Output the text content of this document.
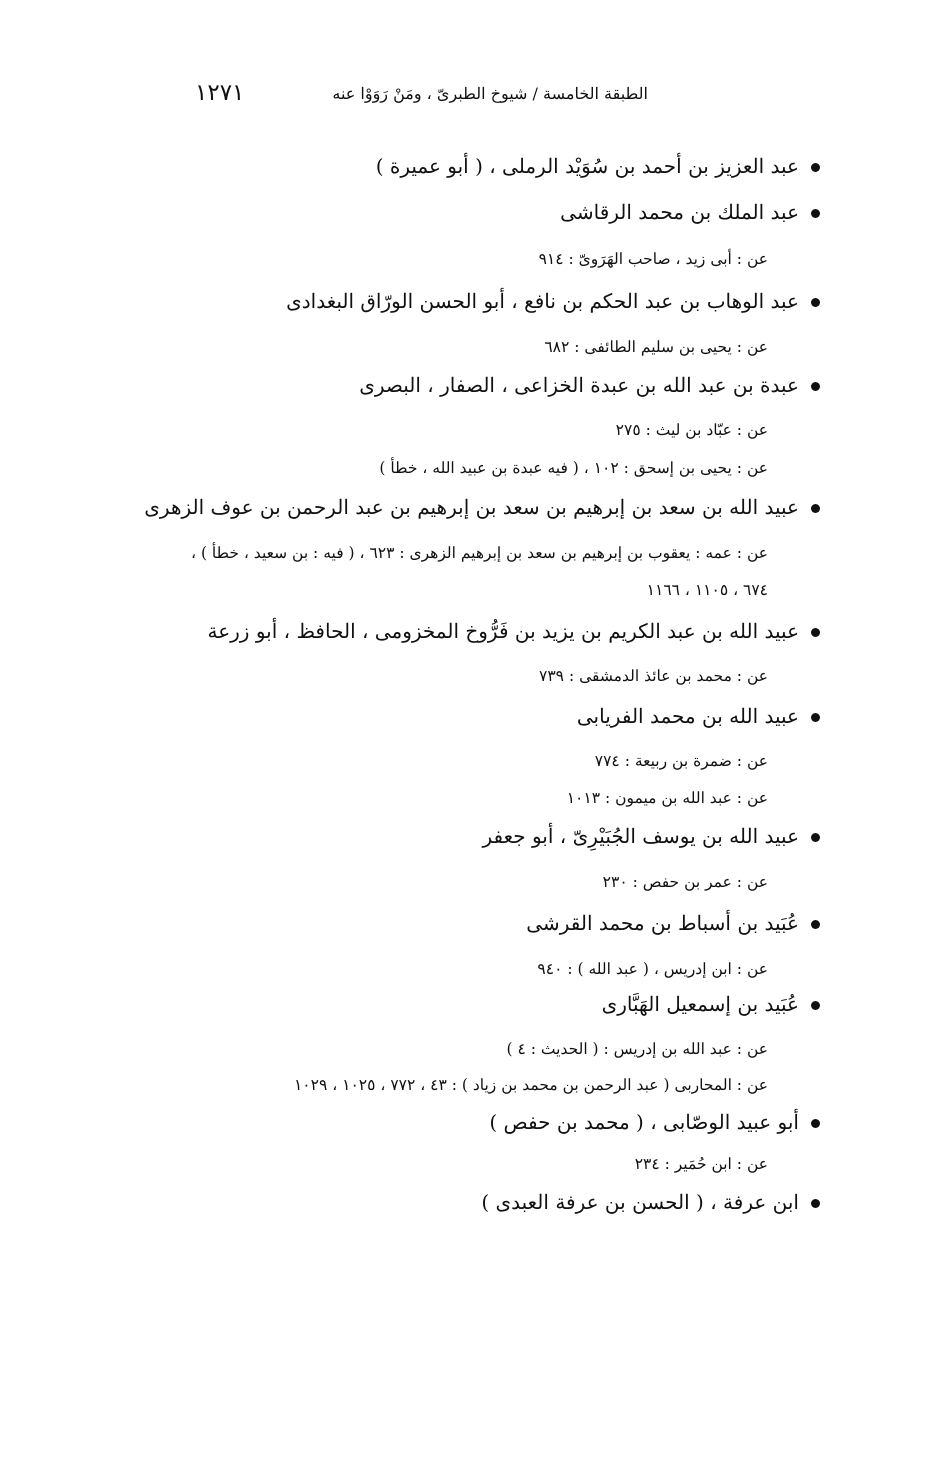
الطبقة الخامسة / شيوخ الطبرىّ ، ومَنْ رَوَوْا عنه
١٢٧١
عبد العزيز بن أحمد بن سُوَيْد الرملى ، ( أبو عميرة )
عبد الملك بن محمد الرقاشى
عن : أبى زيد ، صاحب الهَرَوىّ : ٩١٤
عبد الوهاب بن عبد الحكم بن نافع ، أبو الحسن الورّاق البغدادى
عن : يحيى بن سليم الطائفى : ٦٨٢
عبدة بن عبد الله بن عبدة الخزاعى ، الصفار ، البصرى
عن : عبّاد بن ليث : ٢٧٥
عن : يحيى بن إسحق : ١٠٢ ، ( فيه عبدة بن عبيد الله ، خطأ )
عبيد الله بن سعد بن إبرهيم بن سعد بن إبرهيم بن عبد الرحمن بن عوف الزهرى
عن : عمه : يعقوب بن إبرهيم بن سعد بن إبرهيم الزهرى : ٦٢٣ ، ( فيه : بن سعيد ، خطأ ) ،
٦٧٤ ، ١١٠٥ ، ١١٦٦
عبيد الله بن عبد الكريم بن يزيد بن فَرُّوخ المخزومى ، الحافظ ، أبو زرعة
عن : محمد بن عائذ الدمشقى : ٧٣٩
عبيد الله بن محمد الفريابى
عن : ضمرة بن ربيعة : ٧٧٤
عن : عبد الله بن ميمون : ١٠١٣
عبيد الله بن يوسف الجُبَيْرِىّ ، أبو جعفر
عن : عمر بن حفص : ٢٣٠
عُبَيد بن أسباط بن محمد القرشى
عن : ابن إدريس ، ( عبد الله ) : ٩٤٠
عُبَيد بن إسمعيل الهَبَّارى
عن : عبد الله بن إدريس : ( الحديث : ٤ )
عن : المحاربى ( عبد الرحمن بن محمد بن زياد ) : ٤٣ ، ٧٧٢ ، ١٠٢٥ ، ١٠٢٩
أبو عبيد الوصّابى ، ( محمد بن حفص )
عن : ابن حُمَير : ٢٣٤
ابن عرفة ، ( الحسن بن عرفة العبدى )
